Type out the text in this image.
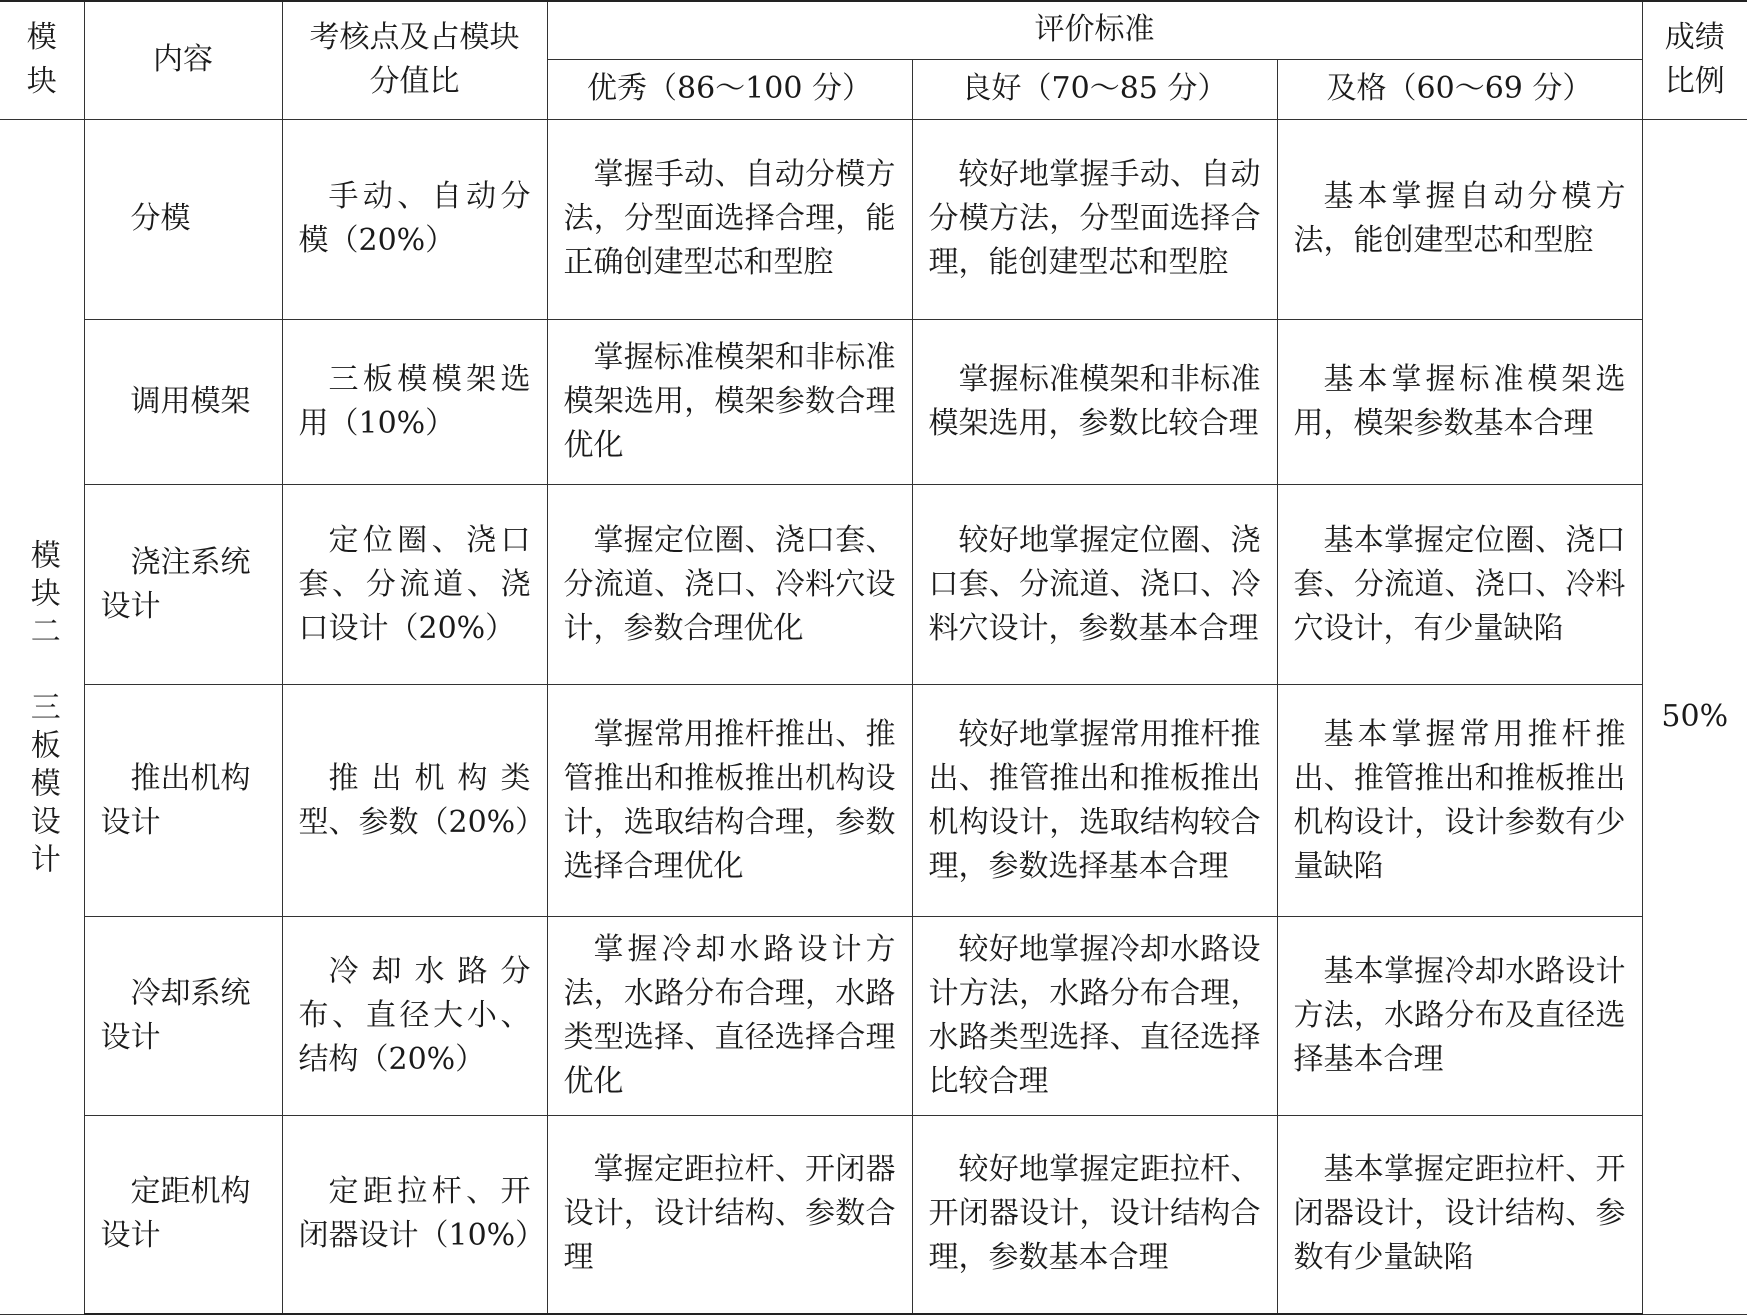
模块	内容	考核点及占模块分值比	评价标准			成绩比例
			优秀（86～100 分）	良好（70～85 分）	及格（60～69 分）	
模块二　三板模设计	分模	手动、自动分模（20%）	掌握手动、自动分模方法，分型面选择合理，能正确创建型芯和型腔	较好地掌握手动、自动分模方法，分型面选择合理，能创建型芯和型腔	基本掌握自动分模方法，能创建型芯和型腔	50%
	调用模架	三板模模架选用（10%）	掌握标准模架和非标准模架选用，模架参数合理优化	掌握标准模架和非标准模架选用，参数比较合理	基本掌握标准模架选用，模架参数基本合理	
	浇注系统设计	定位圈、浇口套、分流道、浇口设计（20%）	掌握定位圈、浇口套、分流道、浇口、冷料穴设计，参数合理优化	较好地掌握定位圈、浇口套、分流道、浇口、冷料穴设计，参数基本合理	基本掌握定位圈、浇口套、分流道、浇口、冷料穴设计，有少量缺陷	
	推出机构设计	推出机构类型、参数（20%）	掌握常用推杆推出、推管推出和推板推出机构设计，选取结构合理，参数选择合理优化	较好地掌握常用推杆推出、推管推出和推板推出机构设计，选取结构较合理，参数选择基本合理	基本掌握常用推杆推出、推管推出和推板推出机构设计，设计参数有少量缺陷	
	冷却系统设计	冷却水路分布、直径大小、结构（20%）	掌握冷却水路设计方法，水路分布合理，水路类型选择、直径选择合理优化	较好地掌握冷却水路设计方法，水路分布合理，水路类型选择、直径选择比较合理	基本掌握冷却水路设计方法，水路分布及直径选择基本合理	
	定距机构设计	定距拉杆、开闭器设计（10%）	掌握定距拉杆、开闭器设计，设计结构、参数合理	较好地掌握定距拉杆、开闭器设计，设计结构合理，参数基本合理	基本掌握定距拉杆、开闭器设计，设计结构、参数有少量缺陷	
